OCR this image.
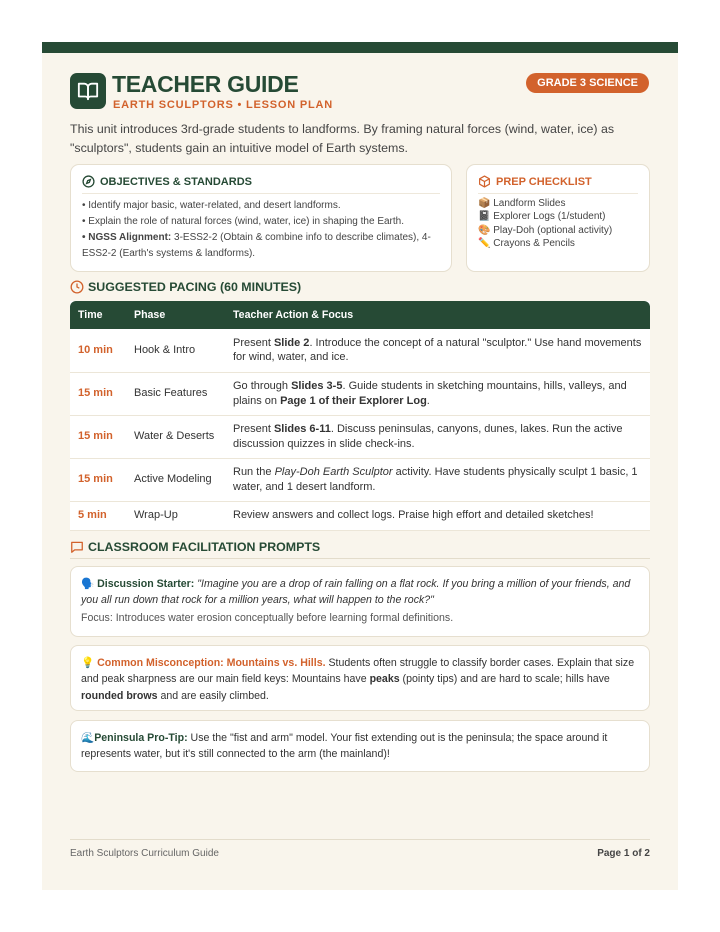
TEACHER GUIDE
EARTH SCULPTORS • LESSON PLAN
GRADE 3 SCIENCE

This unit introduces 3rd-grade students to landforms. By framing natural forces (wind, water, ice) as "sculptors", students gain an intuitive model of Earth systems.

OBJECTIVES & STANDARDS
• Identify major basic, water-related, and desert landforms.
• Explain the role of natural forces (wind, water, ice) in shaping the Earth.
• NGSS Alignment: 3-ESS2-2 (Obtain & combine info to describe climates), 4-ESS2-2 (Earth's systems & landforms).
PREP CHECKLIST
📦 Landform Slides
📓 Explorer Logs (1/student)
🎨 Play-Doh (optional activity)
✏️ Crayons & Pencils
SUGGESTED PACING (60 MINUTES)
Time	Phase	Teacher Action & Focus
10 min	Hook & Intro	Present Slide 2. Introduce the concept of a natural "sculptor." Use hand movements for wind, water, and ice.
15 min	Basic Features	Go through Slides 3-5. Guide students in sketching mountains, hills, valleys, and plains on Page 1 of their Explorer Log.
15 min	Water & Deserts	Present Slides 6-11. Discuss peninsulas, canyons, dunes, lakes. Run the active discussion quizzes in slide check-ins.
15 min	Active Modeling	Run the Play-Doh Earth Sculptor activity. Have students physically sculpt 1 basic, 1 water, and 1 desert landform.
5 min	Wrap-Up	Review answers and collect logs. Praise high effort and detailed sketches!
CLASSROOM FACILITATION PROMPTS
🗣️ Discussion Starter: "Imagine you are a drop of rain falling on a flat rock. If you bring a million of your friends, and you all run down that rock for a million years, what will happen to the rock?"
Focus: Introduces water erosion conceptually before learning formal definitions.
💡 Common Misconception: Mountains vs. Hills. Students often struggle to classify border cases. Explain that size and peak sharpness are our main field keys: Mountains have peaks (pointy tips) and are hard to scale; hills have rounded brows and are easily climbed.
🌊Peninsula Pro-Tip: Use the "fist and arm" model. Your fist extending out is the peninsula; the space around it represents water, but it's still connected to the arm (the mainland)!
Earth Sculptors Curriculum Guide	Page 1 of 2
